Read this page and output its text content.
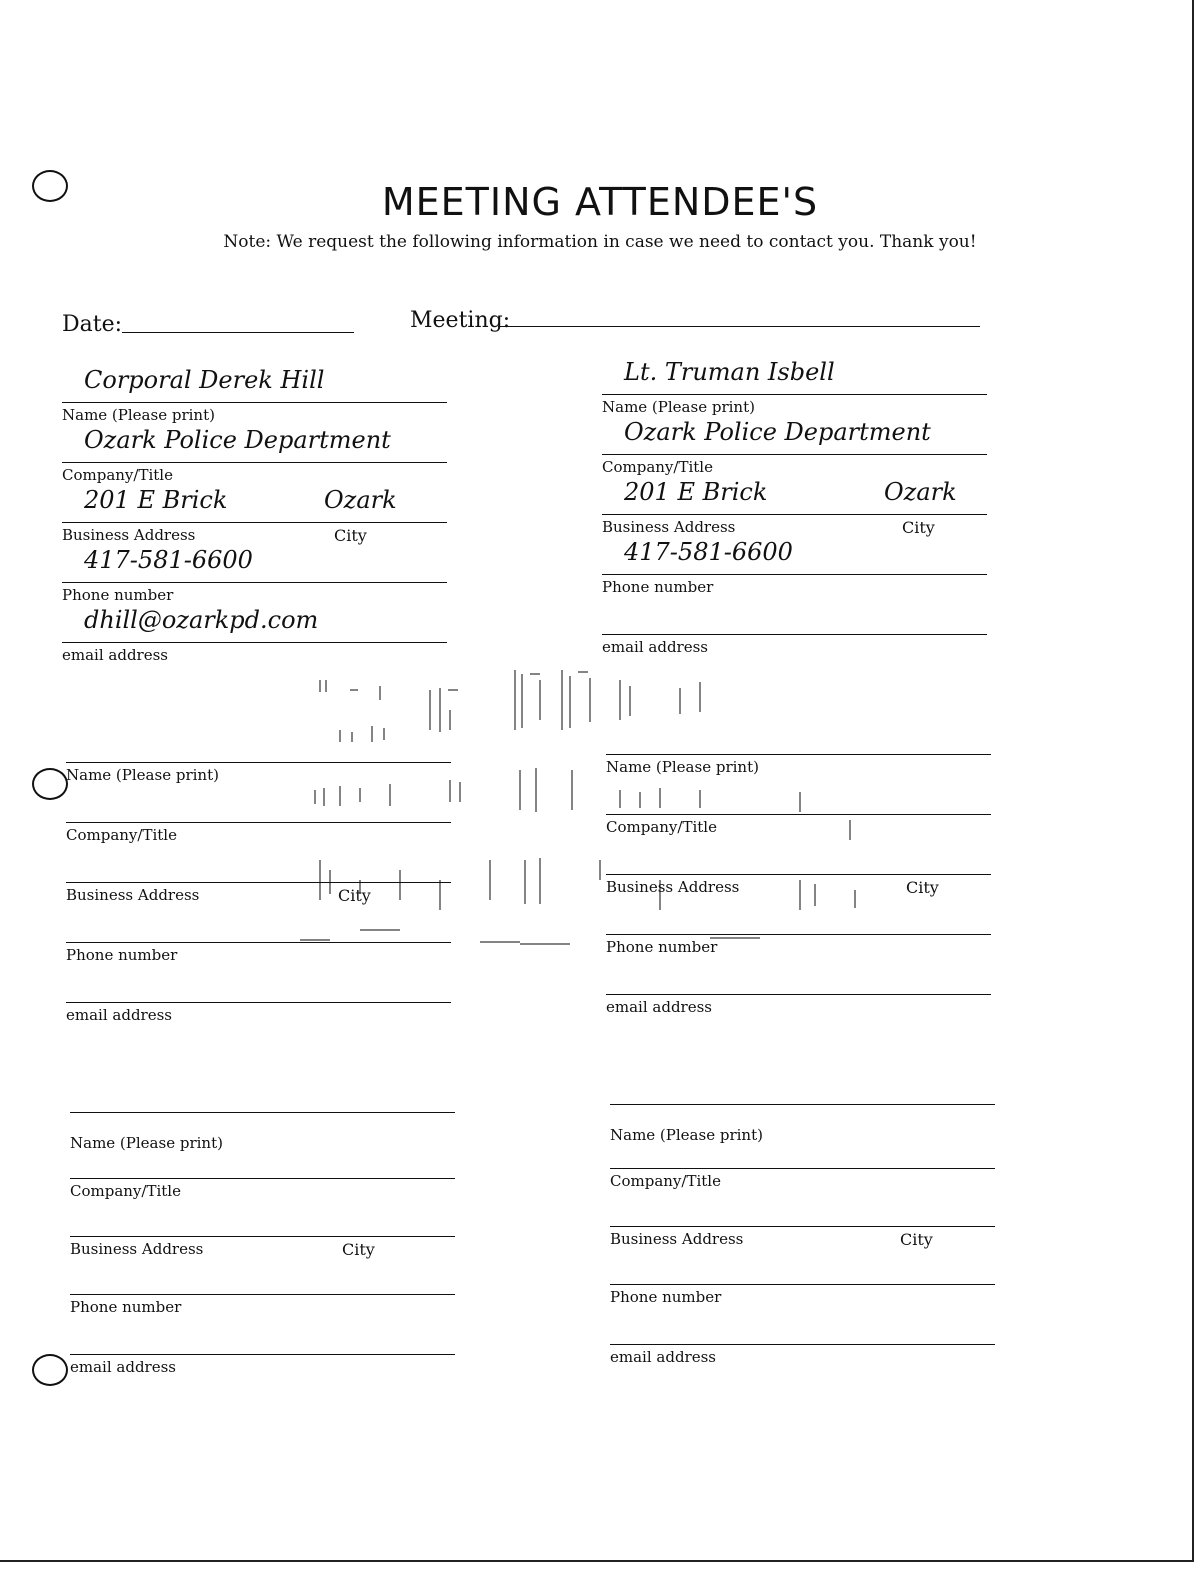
MEETING ATTENDEE'S
Note: We request the following information in case we need to contact you. Thank you!
Date:	Meeting:
Corporal Derek Hill
Name (Please print)
Ozark Police Department
Company/Title
201 E Brick	Ozark
Business Address	City
417-581-6600
Phone number
dhill@ozarkpd.com
email address
Lt. Truman Isbell
Name (Please print)
Ozark Police Department
Company/Title
201 E Brick	Ozark
Business Address	City
417-581-6600
Phone number
email address
Name (Please print)
Company/Title
Business Address	City
Phone number
email address
Name (Please print)
Company/Title
Business Address	City
Phone number
email address
Name (Please print)
Company/Title
Business Address	City
Phone number
email address
Name (Please print)
Company/Title
Business Address	City
Phone number
email address
